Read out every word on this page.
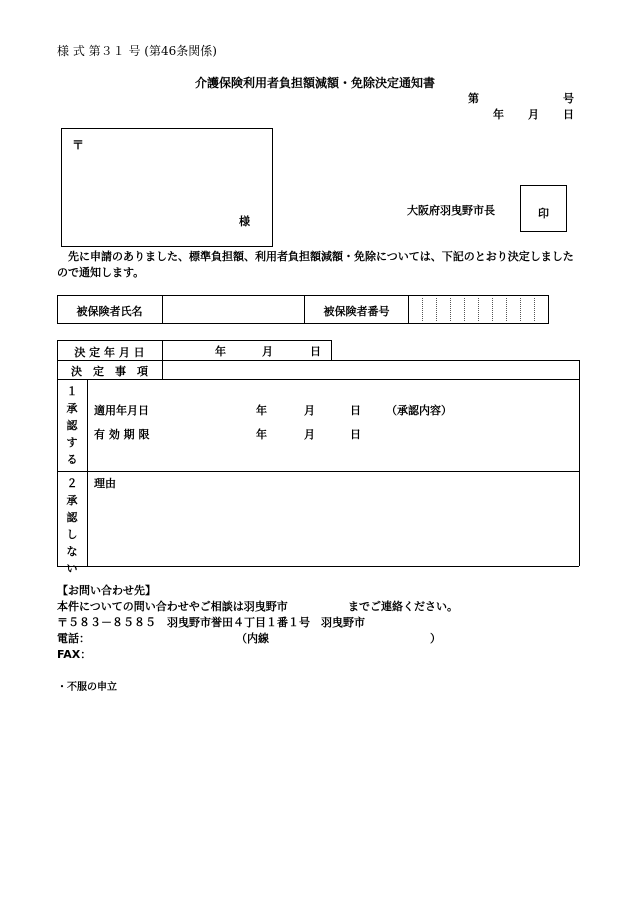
様 式 第３１ 号 (第46条関係)
介護保険利用者負担額減額・免除決定通知書
第	号
年 月 日
〒
様
大阪府羽曳野市長	印
先に申請のありました、標準負担額、利用者負担額減額・免除については、下記のとおり決定しましたので通知します。
被保険者氏名	被保険者番号
決 定 年 月 日	年	月	日
決　定　事　項
１承認する
適用年月日	年	月	日 （承認内容）
有 効 期 限	年	月	日
２承認しない
理由
【お問い合わせ先】
本件についての問い合わせやご相談は羽曳野市	までご連絡ください。
〒５８３－８５８５　羽曳野市誉田４丁目１番１号　羽曳野市
電話：	（内線	）
FAX：
・不服の申立
